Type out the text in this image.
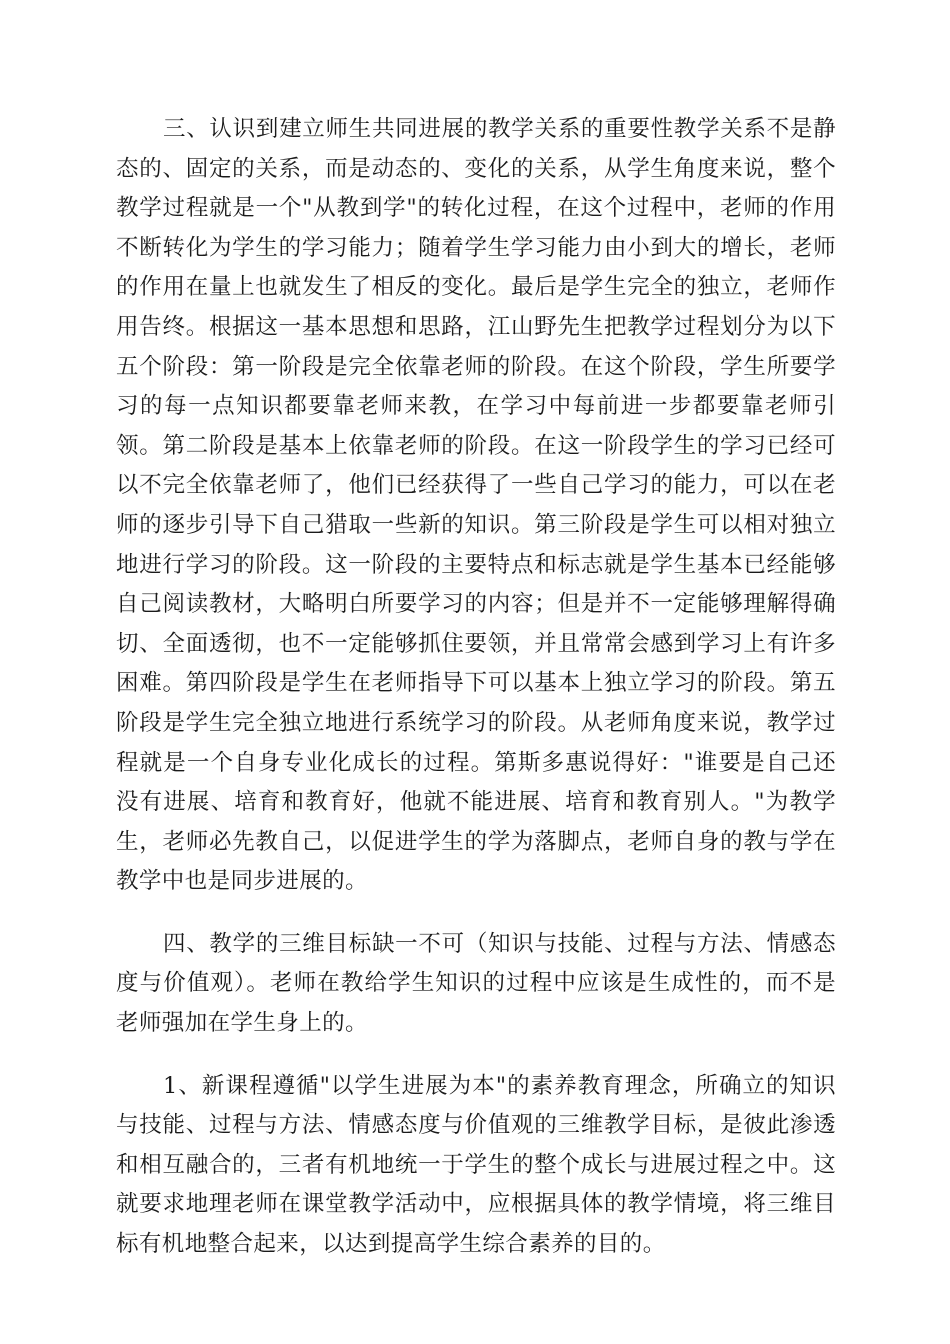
三、认识到建立师生共同进展的教学关系的重要性教学关系不是静态的、固定的关系，而是动态的、变化的关系，从学生角度来说，整个教学过程就是一个"从教到学"的转化过程，在这个过程中，老师的作用不断转化为学生的学习能力；随着学生学习能力由小到大的增长，老师的作用在量上也就发生了相反的变化。最后是学生完全的独立，老师作用告终。根据这一基本思想和思路，江山野先生把教学过程划分为以下五个阶段：第一阶段是完全依靠老师的阶段。在这个阶段，学生所要学习的每一点知识都要靠老师来教，在学习中每前进一步都要靠老师引领。第二阶段是基本上依靠老师的阶段。在这一阶段学生的学习已经可以不完全依靠老师了，他们已经获得了一些自己学习的能力，可以在老师的逐步引导下自己猎取一些新的知识。第三阶段是学生可以相对独立地进行学习的阶段。这一阶段的主要特点和标志就是学生基本已经能够自己阅读教材，大略明白所要学习的内容；但是并不一定能够理解得确切、全面透彻，也不一定能够抓住要领，并且常常会感到学习上有许多困难。第四阶段是学生在老师指导下可以基本上独立学习的阶段。第五阶段是学生完全独立地进行系统学习的阶段。从老师角度来说，教学过程就是一个自身专业化成长的过程。第斯多惠说得好："谁要是自己还没有进展、培育和教育好，他就不能进展、培育和教育别人。"为教学生，老师必先教自己，以促进学生的学为落脚点，老师自身的教与学在教学中也是同步进展的。

四、教学的三维目标缺一不可（知识与技能、过程与方法、情感态度与价值观）。老师在教给学生知识的过程中应该是生成性的，而不是老师强加在学生身上的。

1、新课程遵循"以学生进展为本"的素养教育理念，所确立的知识与技能、过程与方法、情感态度与价值观的三维教学目标，是彼此渗透和相互融合的，三者有机地统一于学生的整个成长与进展过程之中。这就要求地理老师在课堂教学活动中，应根据具体的教学情境，将三维目标有机地整合起来，以达到提高学生综合素养的目的。
